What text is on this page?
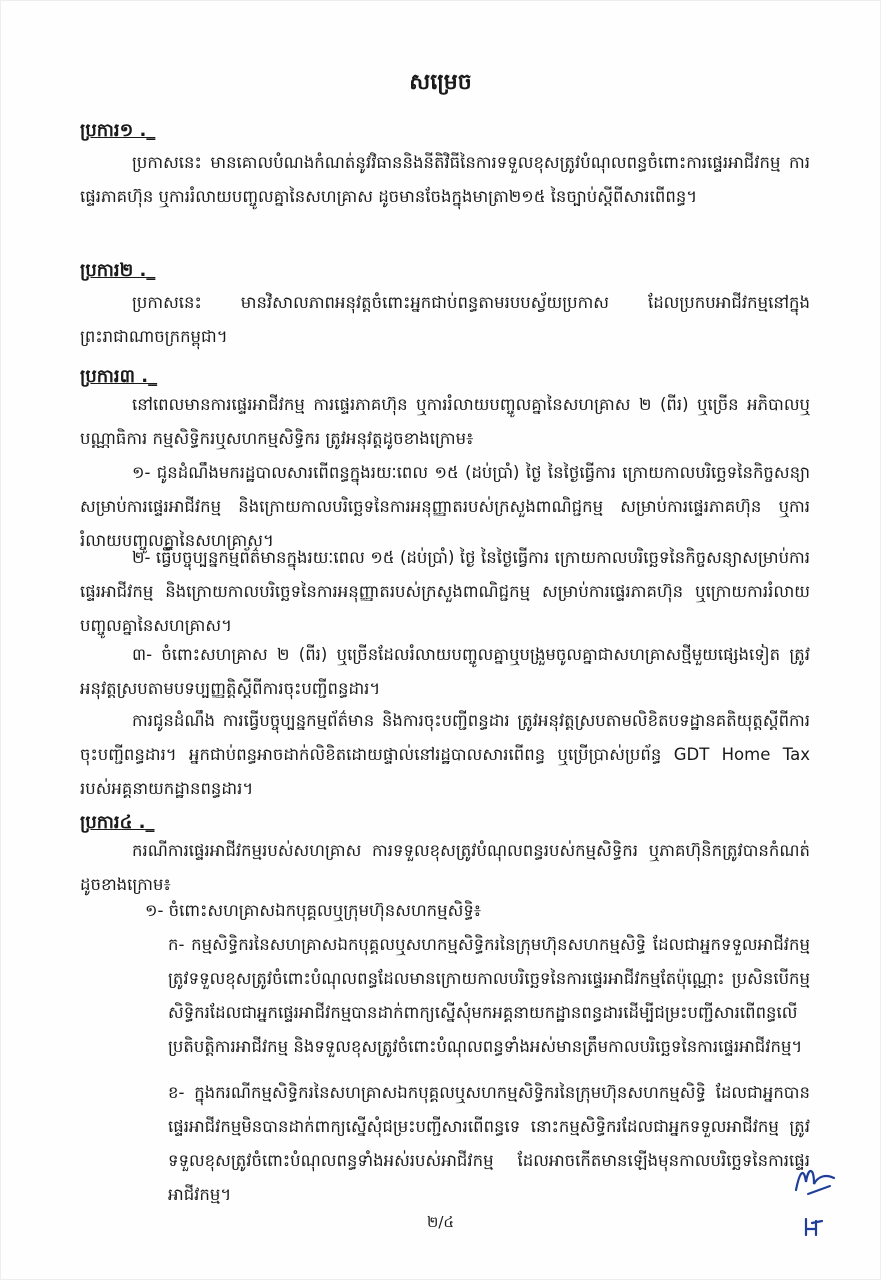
សម្រេច
ប្រការ១ ._
ប្រកាសនេះ មានគោលបំណងកំណត់នូវវិធាននិងនីតិវិធីនៃការទទួលខុសត្រូវបំណុលពន្ធចំពោះការផ្ទេរអាជីវកម្ម ការផ្ទេរភាគហ៊ុន ឬការរំលាយបញ្ចូលគ្នានៃសហគ្រាស ដូចមានចែងក្នុងមាត្រា២១៥ នៃច្បាប់ស្តីពីសារពើពន្ធ។
ប្រការ២ ._
ប្រកាសនេះ មានវិសាលភាពអនុវត្តចំពោះអ្នកជាប់ពន្ធតាមរបបស្វ័យប្រកាស ដែលប្រកបអាជីវកម្មនៅក្នុងព្រះរាជាណាចក្រកម្ពុជា។
ប្រការ៣ ._
នៅពេលមានការផ្ទេរអាជីវកម្ម ការផ្ទេរភាគហ៊ុន ឬការរំលាយបញ្ចូលគ្នានៃសហគ្រាស ២ (ពីរ) ឬច្រើន អភិបាលឬបណ្ណាធិការ កម្មសិទ្ធិករឬសហកម្មសិទ្ធិករ ត្រូវអនុវត្តដូចខាងក្រោម៖
១- ជូនដំណឹងមករដ្ឋបាលសារពើពន្ធក្នុងរយៈពេល ១៥ (ដប់ប្រាំ) ថ្ងៃ នៃថ្ងៃធ្វើការ ក្រោយកាលបរិច្ឆេទនៃកិច្ចសន្យា សម្រាប់ការផ្ទេរអាជីវកម្ម និងក្រោយកាលបរិច្ឆេទនៃការអនុញ្ញាតរបស់ក្រសួងពាណិជ្ជកម្ម សម្រាប់ការផ្ទេរភាគហ៊ុន ឬការរំលាយបញ្ចូលគ្នានៃសហគ្រាស។
២- ធ្វើបច្ចុប្បន្នកម្មព័ត៌មានក្នុងរយៈពេល ១៥ (ដប់ប្រាំ) ថ្ងៃ នៃថ្ងៃធ្វើការ ក្រោយកាលបរិច្ឆេទនៃកិច្ចសន្យាសម្រាប់ការផ្ទេរអាជីវកម្ម និងក្រោយកាលបរិច្ឆេទនៃការអនុញ្ញាតរបស់ក្រសួងពាណិជ្ជកម្ម សម្រាប់ការផ្ទេរភាគហ៊ុន ឬក្រោយការរំលាយបញ្ចូលគ្នានៃសហគ្រាស។
៣- ចំពោះសហគ្រាស ២ (ពីរ) ឬច្រើនដែលរំលាយបញ្ចូលគ្នាឬបង្រួមចូលគ្នាជាសហគ្រាសថ្មីមួយផ្សេងទៀត ត្រូវអនុវត្តស្របតាមបទប្បញ្ញត្តិស្តីពីការចុះបញ្ជីពន្ធដារ។
ការជូនដំណឹង ការធ្វើបច្ចុប្បន្នកម្មព័ត៌មាន និងការចុះបញ្ជីពន្ធដារ ត្រូវអនុវត្តស្របតាមលិខិតបទដ្ឋានគតិយុត្តស្តីពីការចុះបញ្ជីពន្ធដារ។ អ្នកជាប់ពន្ធអាចដាក់លិខិតដោយផ្ទាល់នៅរដ្ឋបាលសារពើពន្ធ ឬប្រើប្រាស់ប្រព័ន្ធ GDT Home Tax របស់អគ្គនាយកដ្ឋានពន្ធដារ។
ប្រការ៤ ._
ករណីការផ្ទេរអាជីវកម្មរបស់សហគ្រាស ការទទួលខុសត្រូវបំណុលពន្ធរបស់កម្មសិទ្ធិករ ឬភាគហ៊ុនិកត្រូវបានកំណត់ដូចខាងក្រោម៖
១- ចំពោះសហគ្រាសឯកបុគ្គលឬក្រុមហ៊ុនសហកម្មសិទ្ធិ៖
ក- កម្មសិទ្ធិករនៃសហគ្រាសឯកបុគ្គលឬសហកម្មសិទ្ធិករនៃក្រុមហ៊ុនសហកម្មសិទ្ធិ ដែលជាអ្នកទទួលអាជីវកម្ម ត្រូវទទួលខុសត្រូវចំពោះបំណុលពន្ធដែលមានក្រោយកាលបរិច្ឆេទនៃការផ្ទេរអាជីវកម្មតែប៉ុណ្ណោះ ប្រសិនបើកម្មសិទ្ធិករដែលជាអ្នកផ្ទេរអាជីវកម្មបានដាក់ពាក្យស្នើសុំមកអគ្គនាយកដ្ឋានពន្ធដារដើម្បីជម្រះបញ្ជីសារពើពន្ធលើប្រតិបត្តិការអាជីវកម្ម និងទទួលខុសត្រូវចំពោះបំណុលពន្ធទាំងអស់មានត្រឹមកាលបរិច្ឆេទនៃការផ្ទេរអាជីវកម្ម។
ខ- ក្នុងករណីកម្មសិទ្ធិករនៃសហគ្រាសឯកបុគ្គលឬសហកម្មសិទ្ធិករនៃក្រុមហ៊ុនសហកម្មសិទ្ធិ ដែលជាអ្នកបានផ្ទេរអាជីវកម្មមិនបានដាក់ពាក្យស្នើសុំជម្រះបញ្ជីសារពើពន្ធទេ នោះកម្មសិទ្ធិករដែលជាអ្នកទទួលអាជីវកម្ម ត្រូវទទួលខុសត្រូវចំពោះបំណុលពន្ធទាំងអស់របស់អាជីវកម្ម ដែលអាចកើតមានឡើងមុនកាលបរិច្ឆេទនៃការផ្ទេរអាជីវកម្ម។
២/៤
